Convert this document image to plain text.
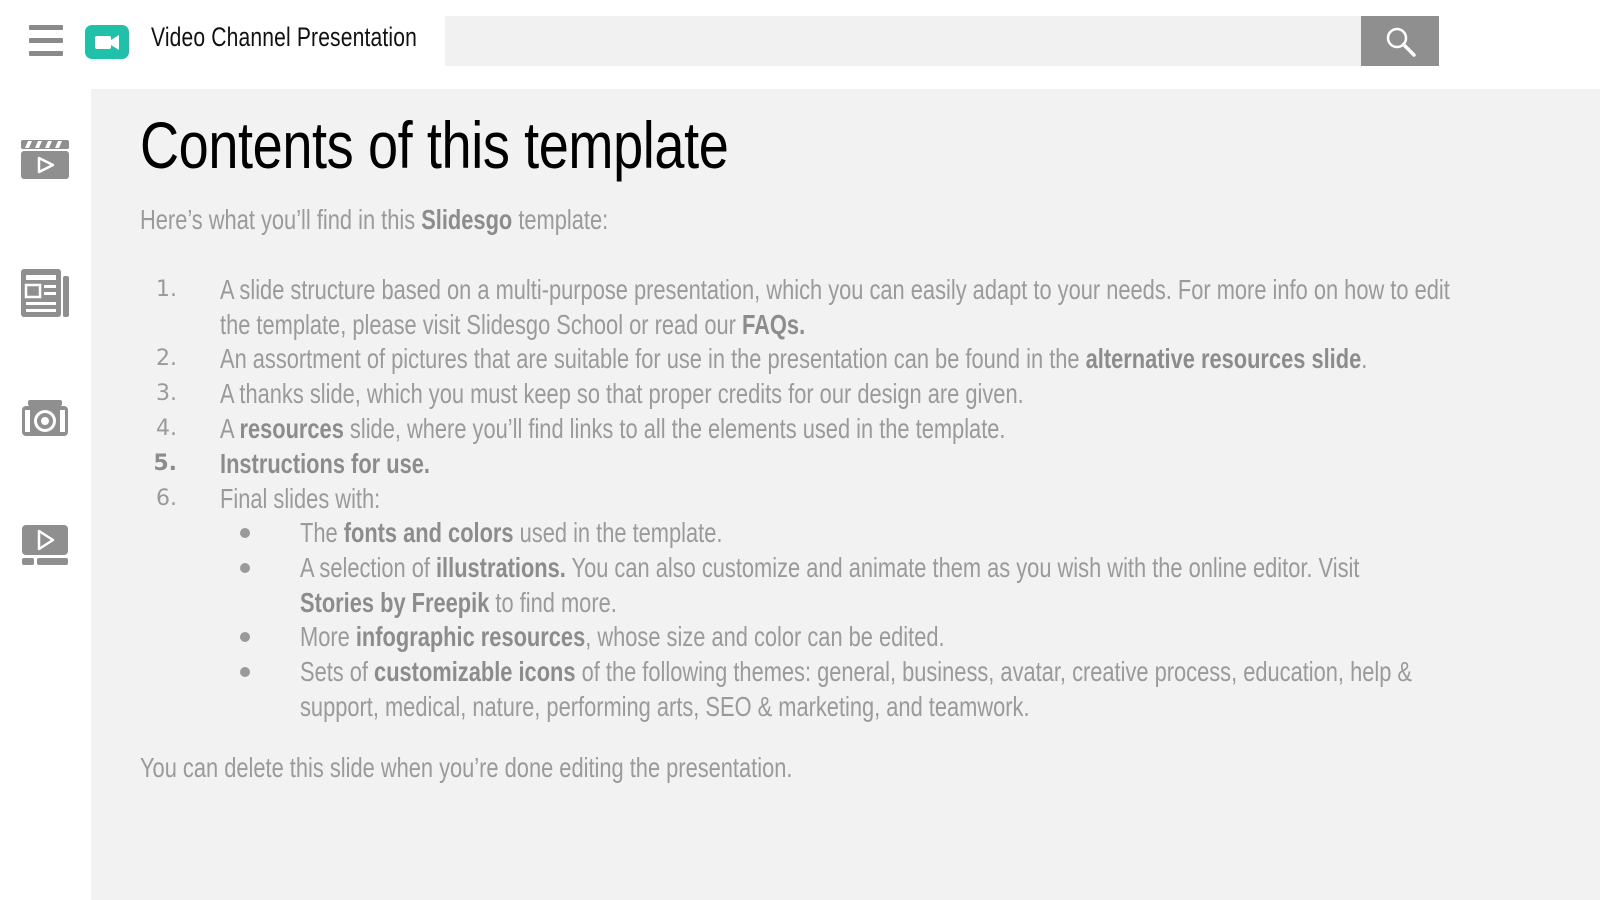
Video Channel Presentation
Contents of this template
Here’s what you’ll find in this Slidesgo template:
1. A slide structure based on a multi-purpose presentation, which you can easily adapt to your needs. For more info on how to edit
the template, please visit Slidesgo School or read our FAQs.
2. An assortment of pictures that are suitable for use in the presentation can be found in the alternative resources slide.
3. A thanks slide, which you must keep so that proper credits for our design are given.
4. A resources slide, where you’ll find links to all the elements used in the template.
5. Instructions for use.
6. Final slides with:
The fonts and colors used in the template.
A selection of illustrations. You can also customize and animate them as you wish with the online editor. Visit
Stories by Freepik to find more.
More infographic resources, whose size and color can be edited.
Sets of customizable icons of the following themes: general, business, avatar, creative process, education, help &
support, medical, nature, performing arts, SEO & marketing, and teamwork.
You can delete this slide when you’re done editing the presentation.
